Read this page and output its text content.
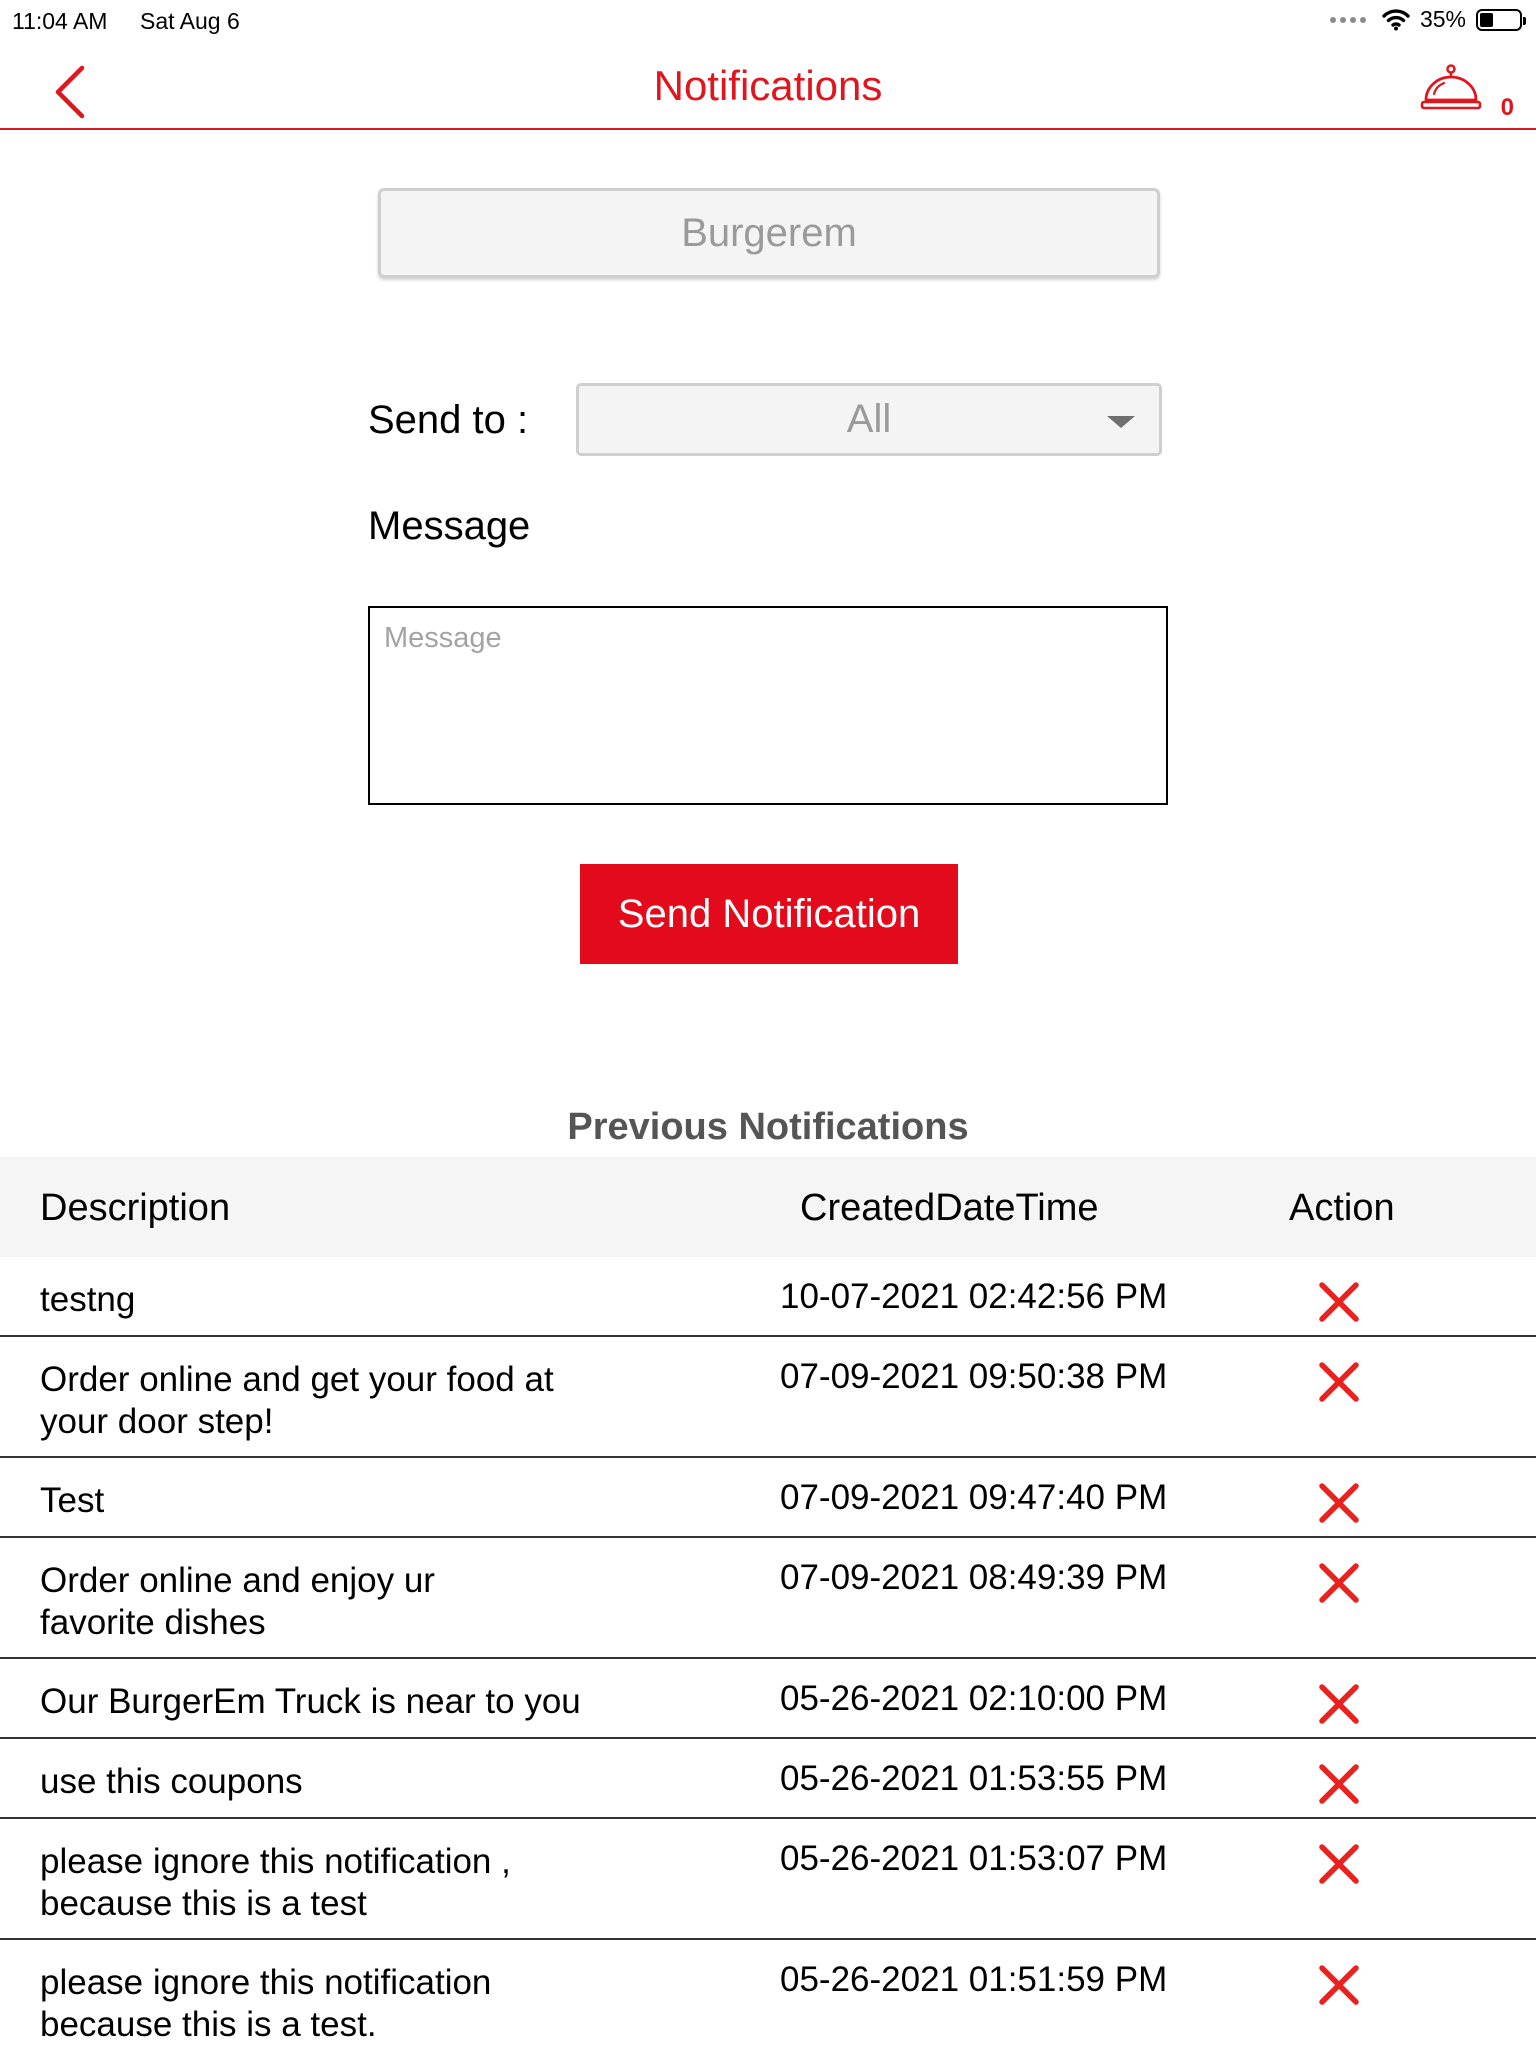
11:04 AM Sat Aug 6	35%
Notifications	0
Burgerem
Send to :	All
Message
Message
Send Notification
Previous Notifications
Description	CreatedDateTime	Action
testng	10-07-2021 02:42:56 PM
Order online and get your food at
your door step!
07-09-2021 09:50:38 PM
Test	07-09-2021 09:47:40 PM
Order online and enjoy ur
favorite dishes
07-09-2021 08:49:39 PM
Our BurgerEm Truck is near to you	05-26-2021 02:10:00 PM
use this coupons	05-26-2021 01:53:55 PM
please ignore this notification ,
because this is a test
05-26-2021 01:53:07 PM
please ignore this notification
because this is a test.
05-26-2021 01:51:59 PM
